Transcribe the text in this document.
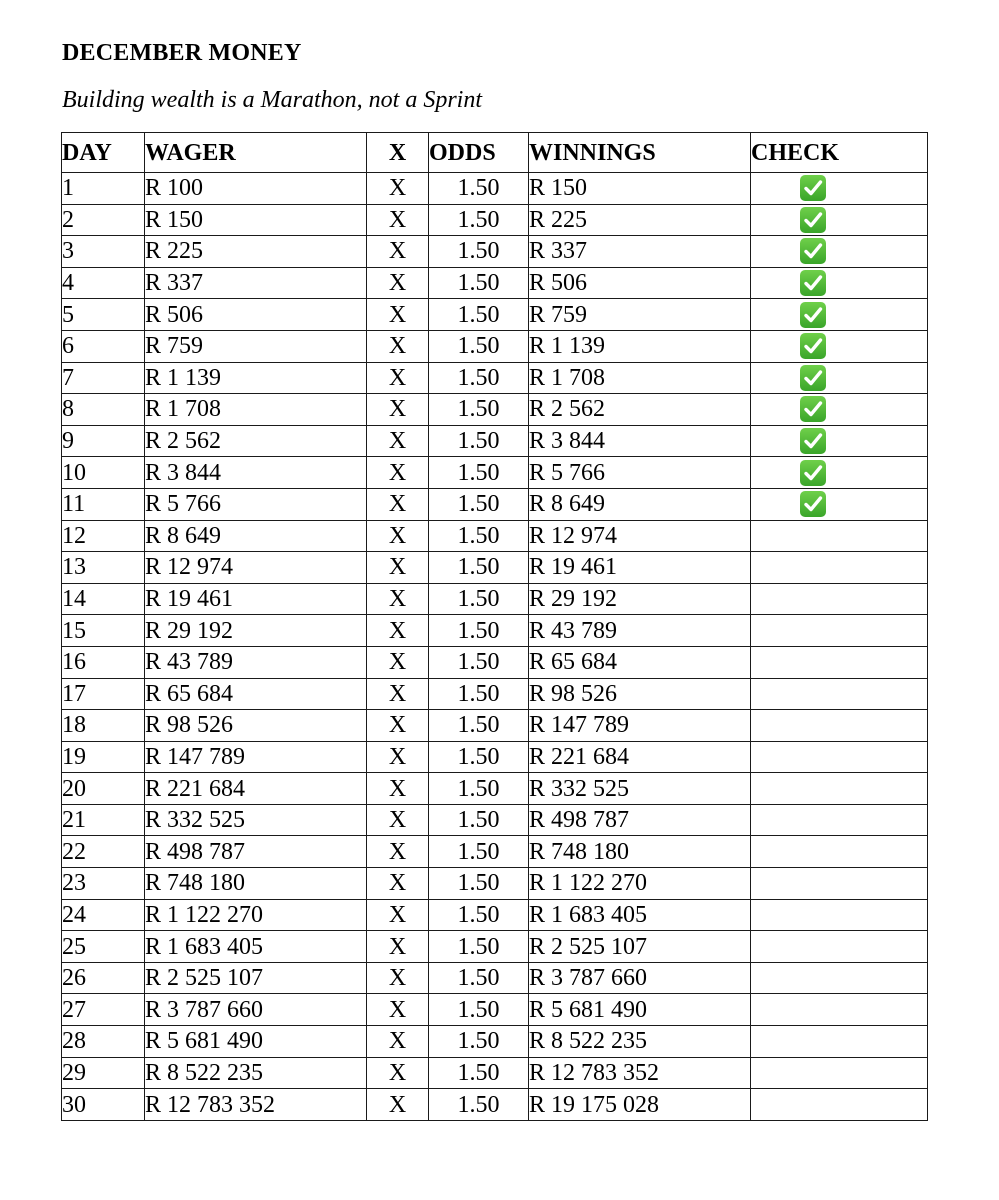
DECEMBER MONEY
Building wealth is a Marathon, not a Sprint
DAY	WAGER	X	ODDS	WINNINGS	CHECK
1	R 100	X	1.50	R 150	

2	R 150	X	1.50	R 225	

3	R 225	X	1.50	R 337	

4	R 337	X	1.50	R 506	

5	R 506	X	1.50	R 759	

6	R 759	X	1.50	R 1 139	

7	R 1 139	X	1.50	R 1 708	

8	R 1 708	X	1.50	R 2 562	

9	R 2 562	X	1.50	R 3 844	

10	R 3 844	X	1.50	R 5 766	

11	R 5 766	X	1.50	R 8 649	

12	R 8 649	X	1.50	R 12 974	
13	R 12 974	X	1.50	R 19 461	
14	R 19 461	X	1.50	R 29 192	
15	R 29 192	X	1.50	R 43 789	
16	R 43 789	X	1.50	R 65 684	
17	R 65 684	X	1.50	R 98 526	
18	R 98 526	X	1.50	R 147 789	
19	R 147 789	X	1.50	R 221 684	
20	R 221 684	X	1.50	R 332 525	
21	R 332 525	X	1.50	R 498 787	
22	R 498 787	X	1.50	R 748 180	
23	R 748 180	X	1.50	R 1 122 270	
24	R 1 122 270	X	1.50	R 1 683 405	
25	R 1 683 405	X	1.50	R 2 525 107	
26	R 2 525 107	X	1.50	R 3 787 660	
27	R 3 787 660	X	1.50	R 5 681 490	
28	R 5 681 490	X	1.50	R 8 522 235	
29	R 8 522 235	X	1.50	R 12 783 352	
30	R 12 783 352	X	1.50	R 19 175 028	
